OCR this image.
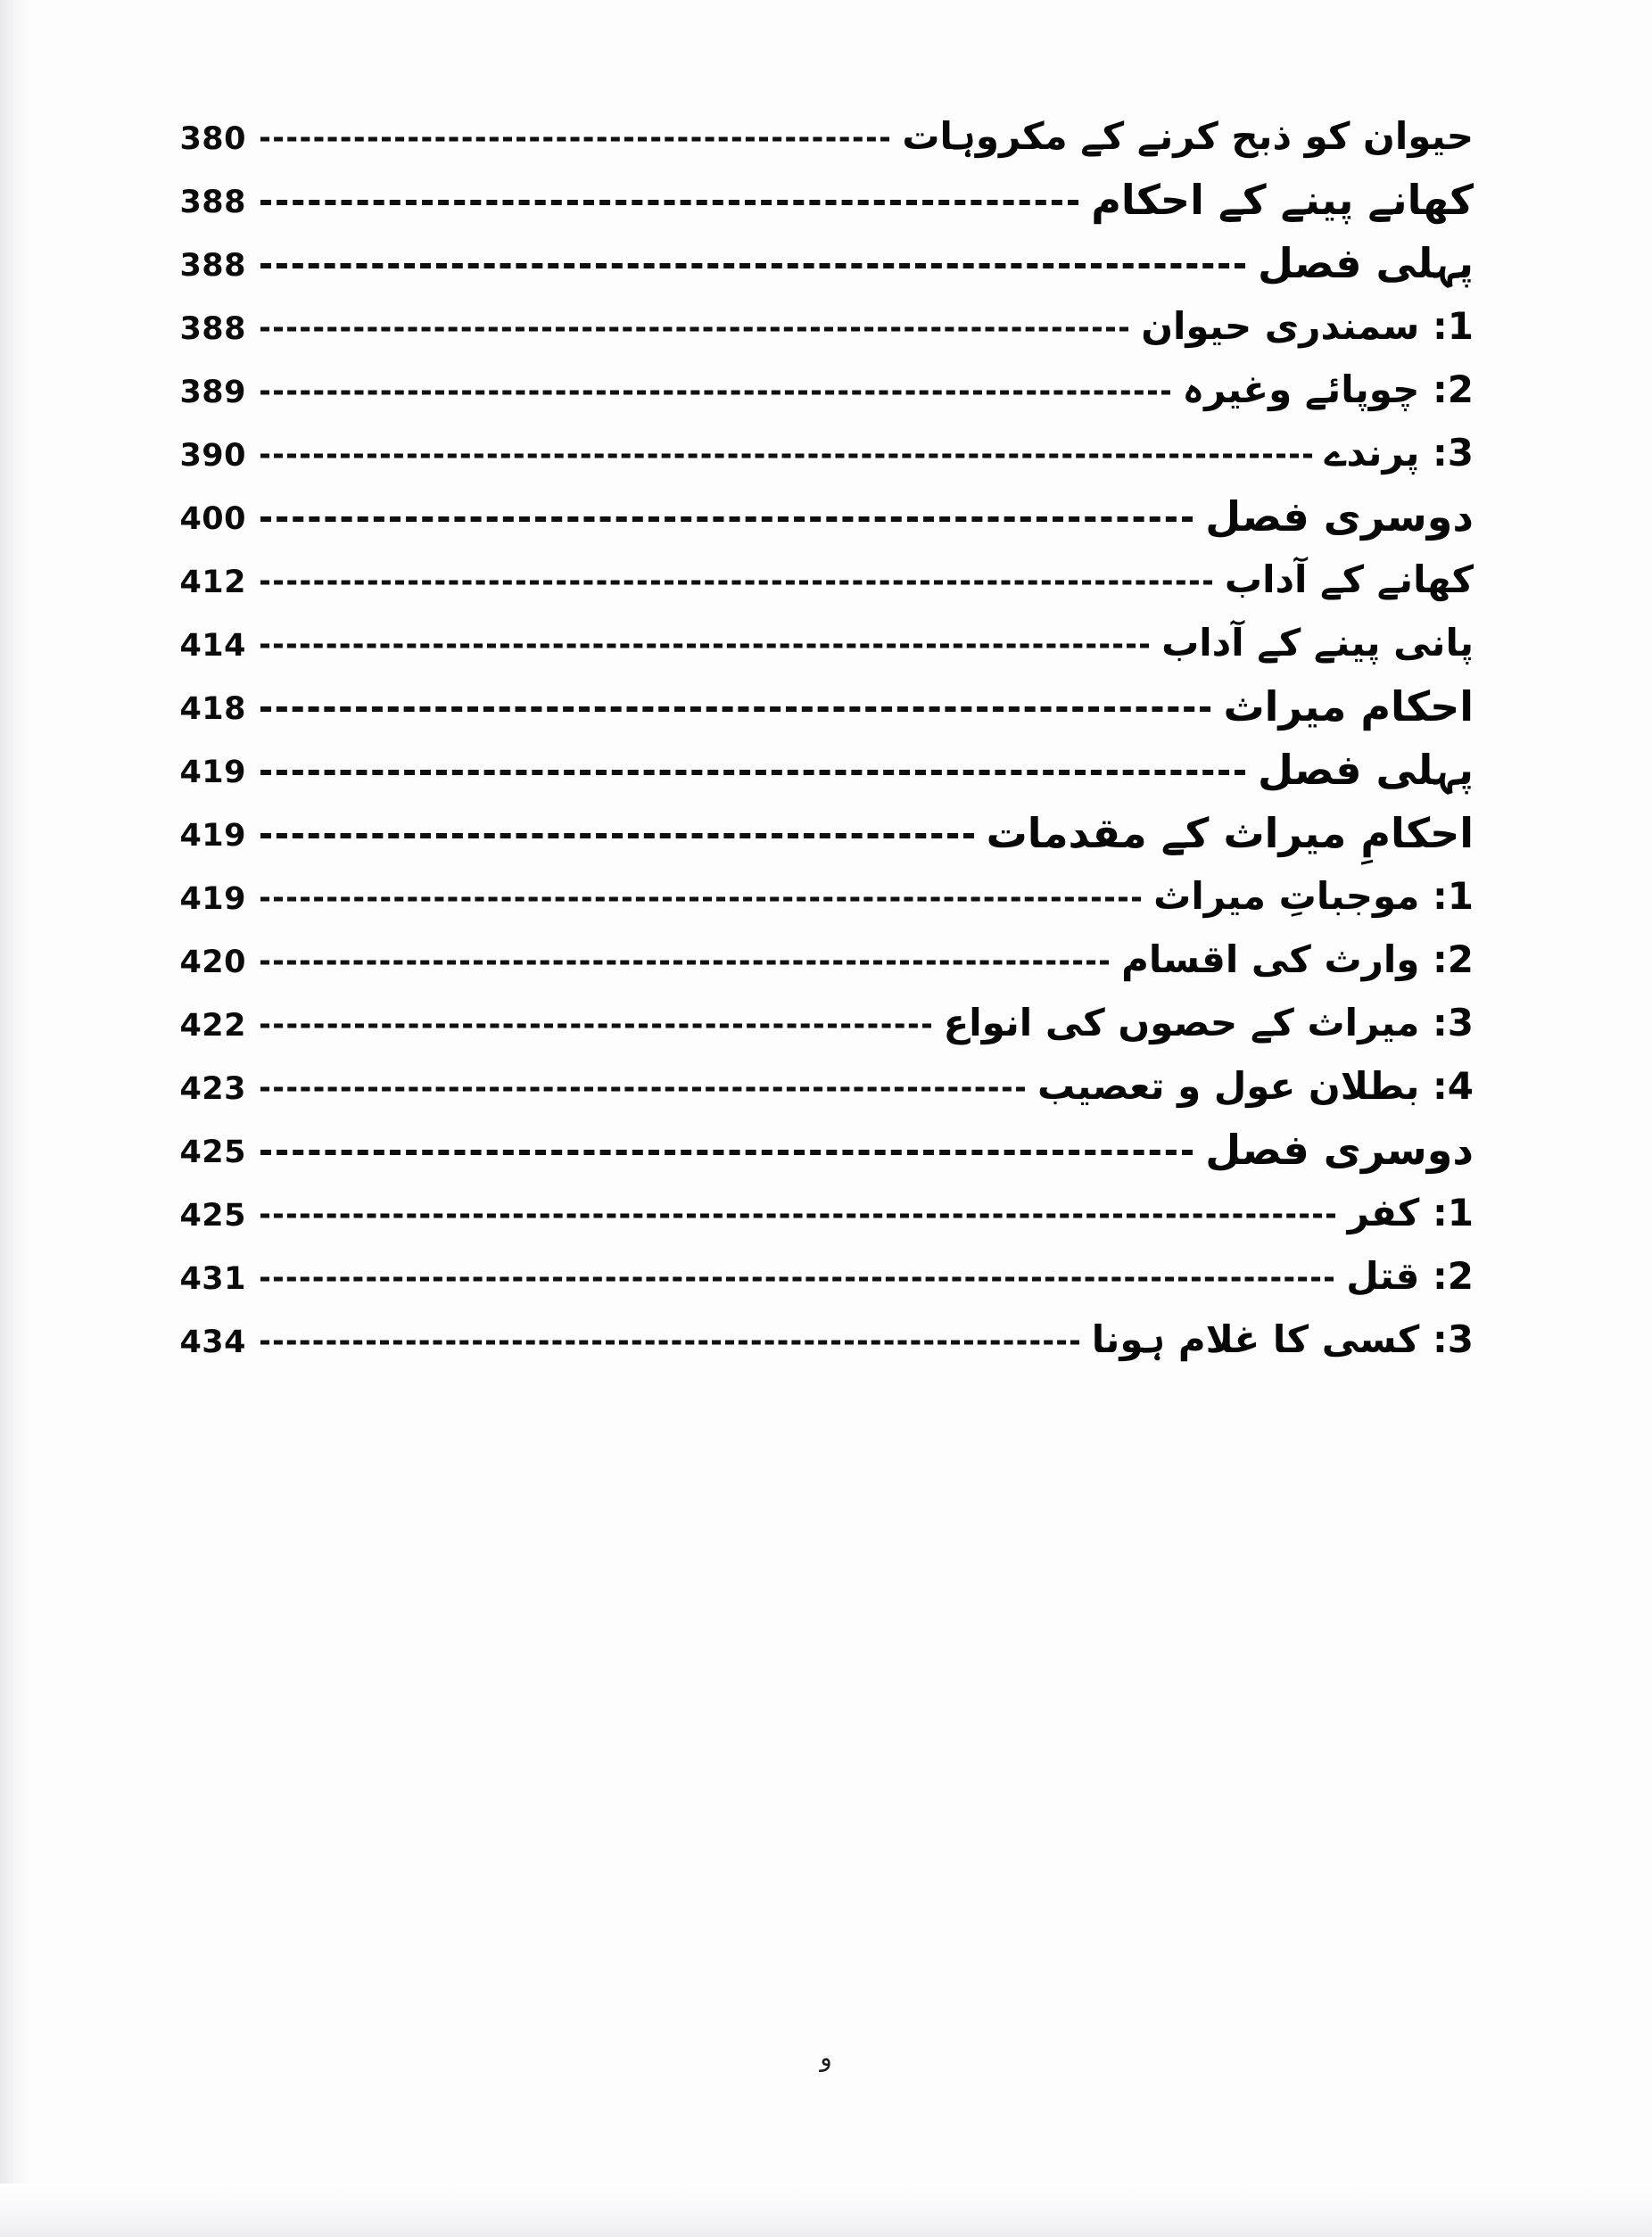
380	حیوان کو ذبح کرنے کے مکروہات
388	کھانے پینے کے احکام
388	پہلی فصل
388	1: سمندری حیوان
389	2: چوپائے وغیرہ
390	3: پرندے
400	دوسری فصل
412	کھانے کے آداب
414	پانی پینے کے آداب
418	احکام میراث
419	پہلی فصل
419	احکامِ میراث کے مقدمات
419	1: موجباتِ میراث
420	2: وارث کی اقسام
422	3: میراث کے حصوں کی انواع
423	4: بطلان عول و تعصیب
425	دوسری فصل
425	1: کفر
431	2: قتل
434	3: کسی کا غلام ہونا
و
